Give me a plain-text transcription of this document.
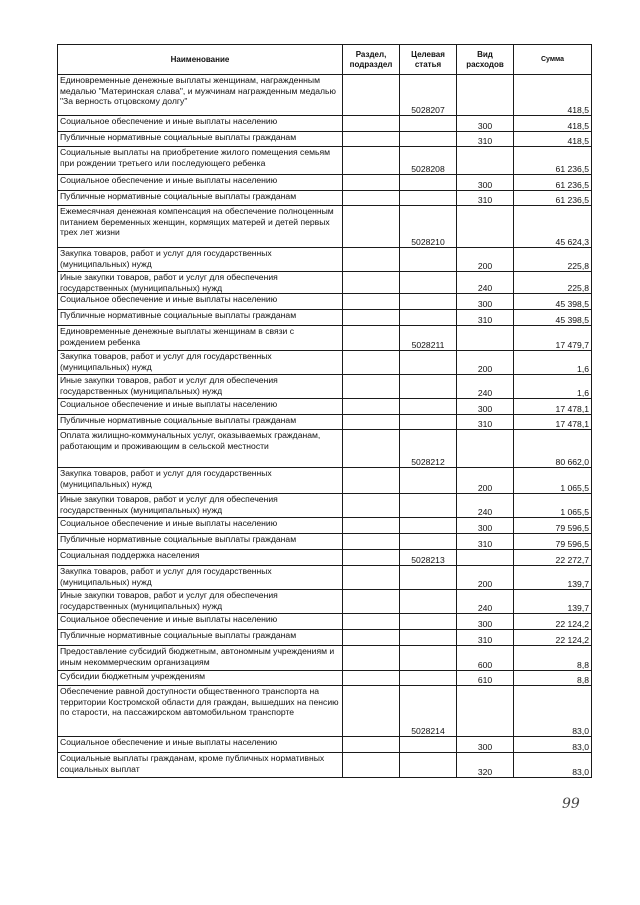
Наименование	Раздел, подраздел	Целевая статья	Вид расходов	Сумма
Единовременные денежные выплаты женщинам, награжденным медалью "Материнская слава", и мужчинам награжденным медалью "За верность отцовскому долгу"		5028207		418,5
Социальное обеспечение и иные выплаты населению			300	418,5
Публичные нормативные социальные выплаты гражданам			310	418,5
Социальные выплаты на приобретение жилого помещения семьям при рождении третьего или последующего ребенка		5028208		61 236,5
Социальное обеспечение и иные выплаты населению			300	61 236,5
Публичные нормативные социальные выплаты гражданам			310	61 236,5
Ежемесячная денежная компенсация на обеспечение полноценным питанием беременных женщин, кормящих матерей и детей первых трех лет жизни		5028210		45 624,3
Закупка товаров, работ и услуг для государственных (муниципальных) нужд			200	225,8
Иные закупки товаров, работ и услуг для обеспечения государственных (муниципальных) нужд			240	225,8
Социальное обеспечение и иные выплаты населению			300	45 398,5
Публичные нормативные социальные выплаты гражданам			310	45 398,5
Единовременные денежные выплаты женщинам в связи с рождением ребенка		5028211		17 479,7
Закупка товаров, работ и услуг для государственных (муниципальных) нужд			200	1,6
Иные закупки товаров, работ и услуг для обеспечения государственных (муниципальных) нужд			240	1,6
Социальное обеспечение и иные выплаты населению			300	17 478,1
Публичные нормативные социальные выплаты гражданам			310	17 478,1
Оплата жилищно-коммунальных услуг, оказываемых гражданам, работающим и проживающим в сельской местности		5028212		80 662,0
Закупка товаров, работ и услуг для государственных (муниципальных) нужд			200	1 065,5
Иные закупки товаров, работ и услуг для обеспечения государственных (муниципальных) нужд			240	1 065,5
Социальное обеспечение и иные выплаты населению			300	79 596,5
Публичные нормативные социальные выплаты гражданам			310	79 596,5
Социальная поддержка населения		5028213		22 272,7
Закупка товаров, работ и услуг для государственных (муниципальных) нужд			200	139,7
Иные закупки товаров, работ и услуг для обеспечения государственных (муниципальных) нужд			240	139,7
Социальное обеспечение и иные выплаты населению			300	22 124,2
Публичные нормативные социальные выплаты гражданам			310	22 124,2
Предоставление субсидий бюджетным, автономным учреждениям и иным некоммерческим организациям			600	8,8
Субсидии бюджетным учреждениям			610	8,8
Обеспечение равной доступности общественного транспорта на территории Костромской области для граждан, вышедших на пенсию по старости, на пассажирском автомобильном транспорте		5028214		83,0
Социальное обеспечение и иные выплаты населению			300	83,0
Социальные выплаты гражданам, кроме публичных нормативных социальных выплат			320	83,0
99
